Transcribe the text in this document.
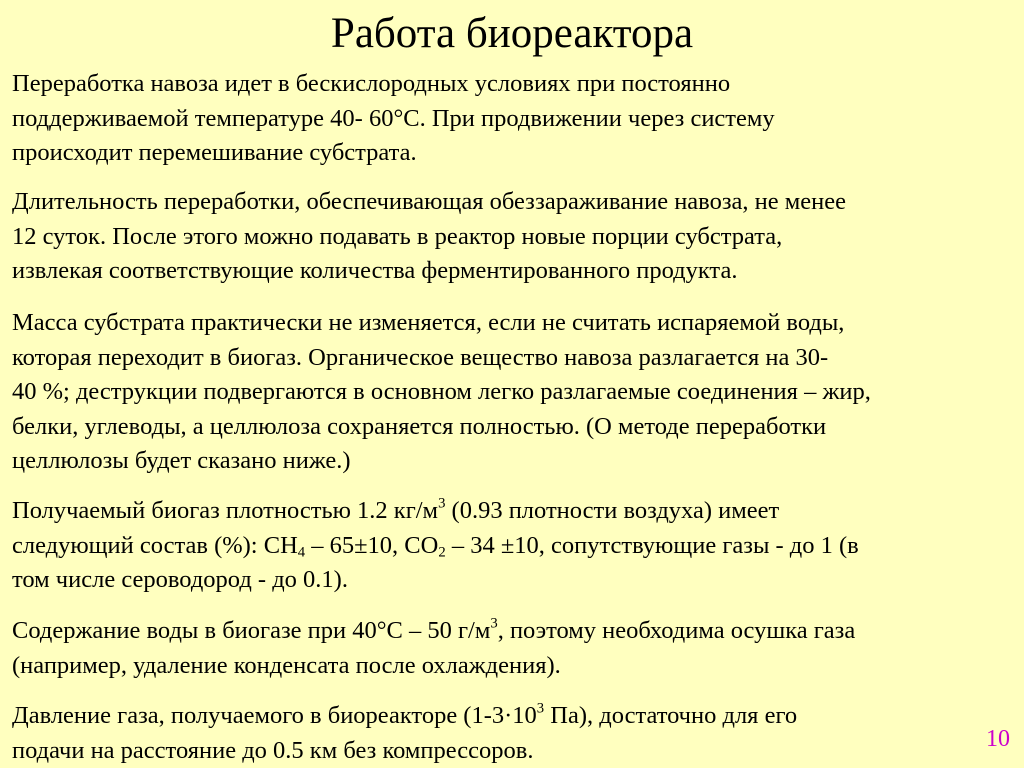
Работа биореактора

Переработка навоза идет в бескислородных условиях при постоянно
поддерживаемой температуре 40- 60°С. При продвижении через систему
происходит перемешивание субстрата.

Длительность переработки, обеспечивающая обеззараживание навоза, не менее
12 суток. После этого можно подавать в реактор новые порции субстрата,
извлекая соответствующие количества ферментированного продукта.

Масса субстрата практически не изменяется, если не считать испаряемой воды,
которая переходит в биогаз. Органическое вещество навоза разлагается на 30-
40 %; деструкции подвергаются в основном легко разлагаемые соединения – жир,
белки, углеводы, а целлюлоза сохраняется полностью. (О методе переработки
целлюлозы будет сказано ниже.)

Получаемый биогаз плотностью 1.2 $кг/м^3$ (0.93 плотности воздуха) имеет
следующий состав (%): $СН_4 - 65\pm 10$, $СО_2 - 34 \pm 10$, сопутствующие газы - до 1 (в
том числе сероводород - до 0.1).

Содержание воды в биогазе при 40°С – 50 $г/м^3$, поэтому необходима осушка газа
(например, удаление конденсата после охлаждения).

Давление газа, получаемого в биореакторе ($1-3\cdot 10^3$ Па), достаточно для его
подачи на расстояние до 0.5 км без компрессоров.	10
